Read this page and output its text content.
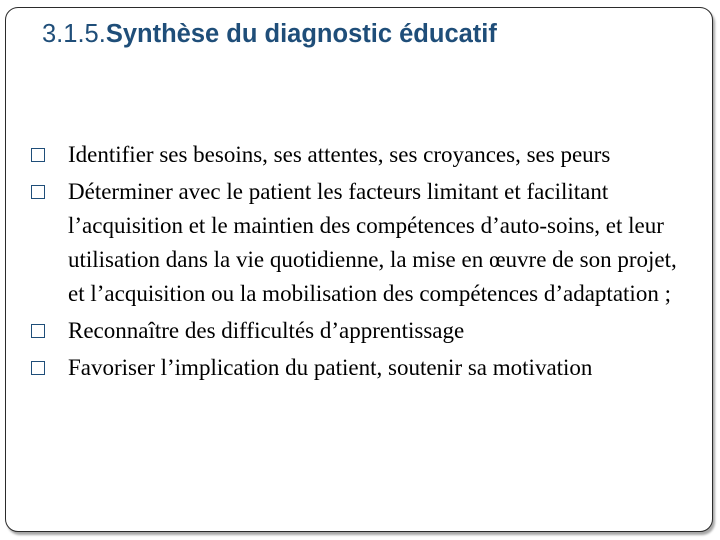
3.1.5.Synthèse du diagnostic éducatif
Identifier ses besoins, ses attentes, ses croyances, ses peurs
Déterminer avec le patient les facteurs limitant et facilitant l’acquisition et le maintien des compétences d’auto-soins, et leur utilisation dans la vie quotidienne, la mise en œuvre de son projet, et l’acquisition ou la mobilisation des compétences d’adaptation ;
Reconnaître des difficultés d’apprentissage
Favoriser l’implication du patient, soutenir sa motivation
